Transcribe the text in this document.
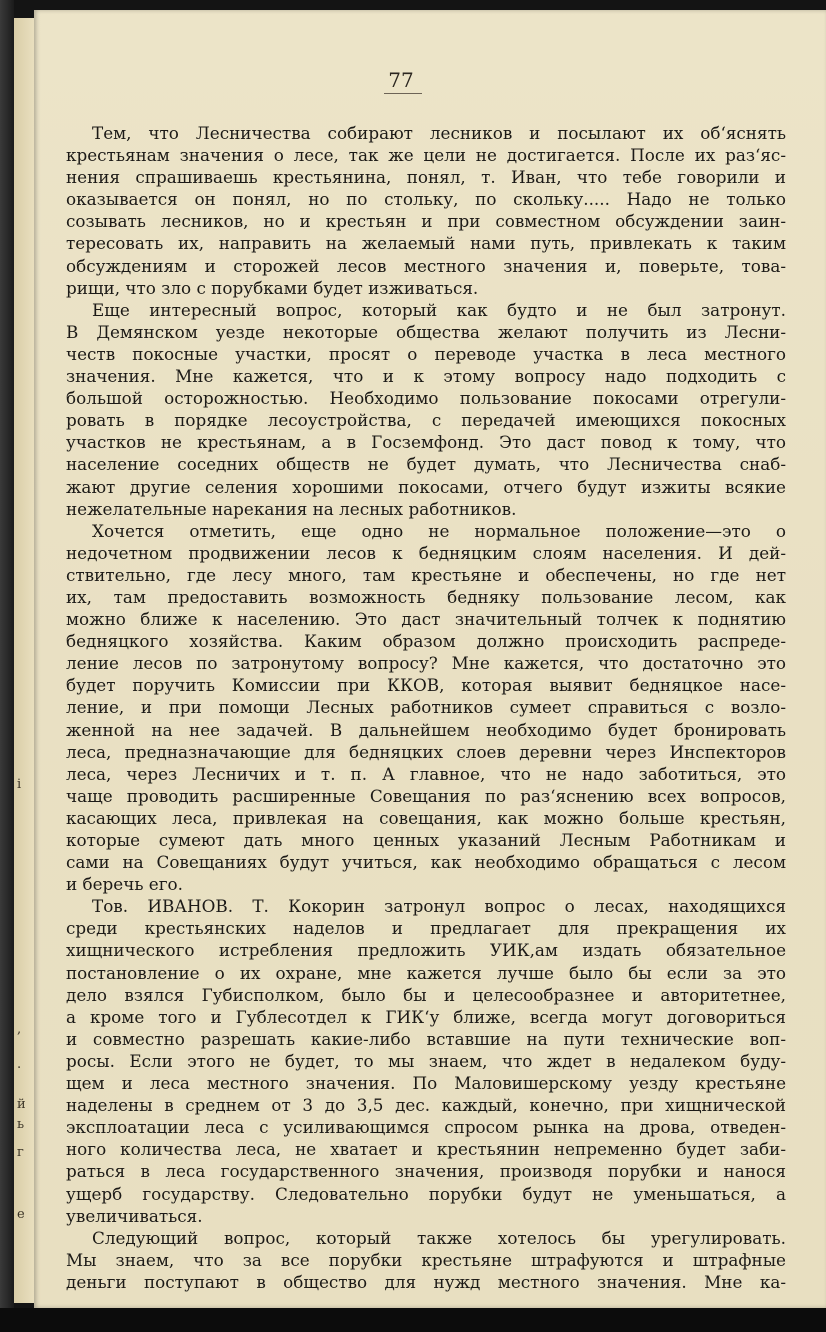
i
,
.
й
ь
г
e
77

Тем, что Лесничества собирают лесников и посылают их об‘яснять
крестьянам значения о лесе, так же цели не достигается. После их раз‘яс-
нения спрашиваешь крестьянина, понял, т. Иван, что тебе говорили и
оказывается он понял, но по стольку, по скольку..... Надо не только
созывать лесников, но и крестьян и при совместном обсуждении заин-
тересовать их, направить на желаемый нами путь, привлекать к таким
обсуждениям и сторожей лесов местного значения и, поверьте, това-
рищи, что зло с порубками будет изживаться.
Еще интересный вопрос, который как будто и не был затронут.
В Демянском уезде некоторые общества желают получить из Лесни-
честв покосные участки, просят о переводе участка в леса местного
значения. Мне кажется, что и к этому вопросу надо подходить с
большой осторожностью. Необходимо пользование покосами отрегули-
ровать в порядке лесоустройства, с передачей имеющихся покосных
участков не крестьянам, а в Госземфонд. Это даст повод к тому, что
население соседних обществ не будет думать, что Лесничества снаб-
жают другие селения хорошими покосами, отчего будут изжиты всякие
нежелательные нарекания на лесных работников.
Хочется отметить, еще одно не нормальное положение—это о
недочетном продвижении лесов к бедняцким слоям населения. И дей-
ствительно, где лесу много, там крестьяне и обеспечены, но где нет
их, там предоставить возможность бедняку пользование лесом, как
можно ближе к населению. Это даст значительный толчек к поднятию
бедняцкого хозяйства. Каким образом должно происходить распреде-
ление лесов по затронутому вопросу? Мне кажется, что достаточно это
будет поручить Комиссии при ККОВ, которая выявит бедняцкое насе-
ление, и при помощи Лесных работников сумеет справиться с возло-
женной на нее задачей. В дальнейшем необходимо будет бронировать
леса, предназначающие для бедняцких слоев деревни через Инспекторов
леса, через Лесничих и т. п. А главное, что не надо заботиться, это
чаще проводить расширенные Совещания по раз‘яснению всех вопросов,
касающих леса, привлекая на совещания, как можно больше крестьян,
которые сумеют дать много ценных указаний Лесным Работникам и
сами на Совещаниях будут учиться, как необходимо обращаться с лесом
и беречь его.
Тов. ИВАНОВ. Т. Кокорин затронул вопрос о лесах, находящихся
среди крестьянских наделов и предлагает для прекращения их
хищнического истребления предложить УИК,ам издать обязательное
постановление о их охране, мне кажется лучше было бы если за это
дело взялся Губисполком, было бы и целесообразнее и авторитетнее,
а кроме того и Гублесотдел к ГИК‘у ближе, всегда могут договориться
и совместно разрешать какие-либо вставшие на пути технические воп-
росы. Если этого не будет, то мы знаем, что ждет в недалеком буду-
щем и леса местного значения. По Маловишерскому уезду крестьяне
наделены в среднем от 3 до 3,5 дес. каждый, конечно, при хищнической
эксплоатации леса с усиливающимся спросом рынка на дрова, отведен-
ного количества леса, не хватает и крестьянин непременно будет заби-
раться в леса государственного значения, производя порубки и нанося
ущерб государству. Следовательно порубки будут не уменьшаться, а
увеличиваться.
Следующий вопрос, который также хотелось бы урегулировать.
Мы знаем, что за все порубки крестьяне штрафуются и штрафные
деньги поступают в общество для нужд местного значения. Мне ка-
